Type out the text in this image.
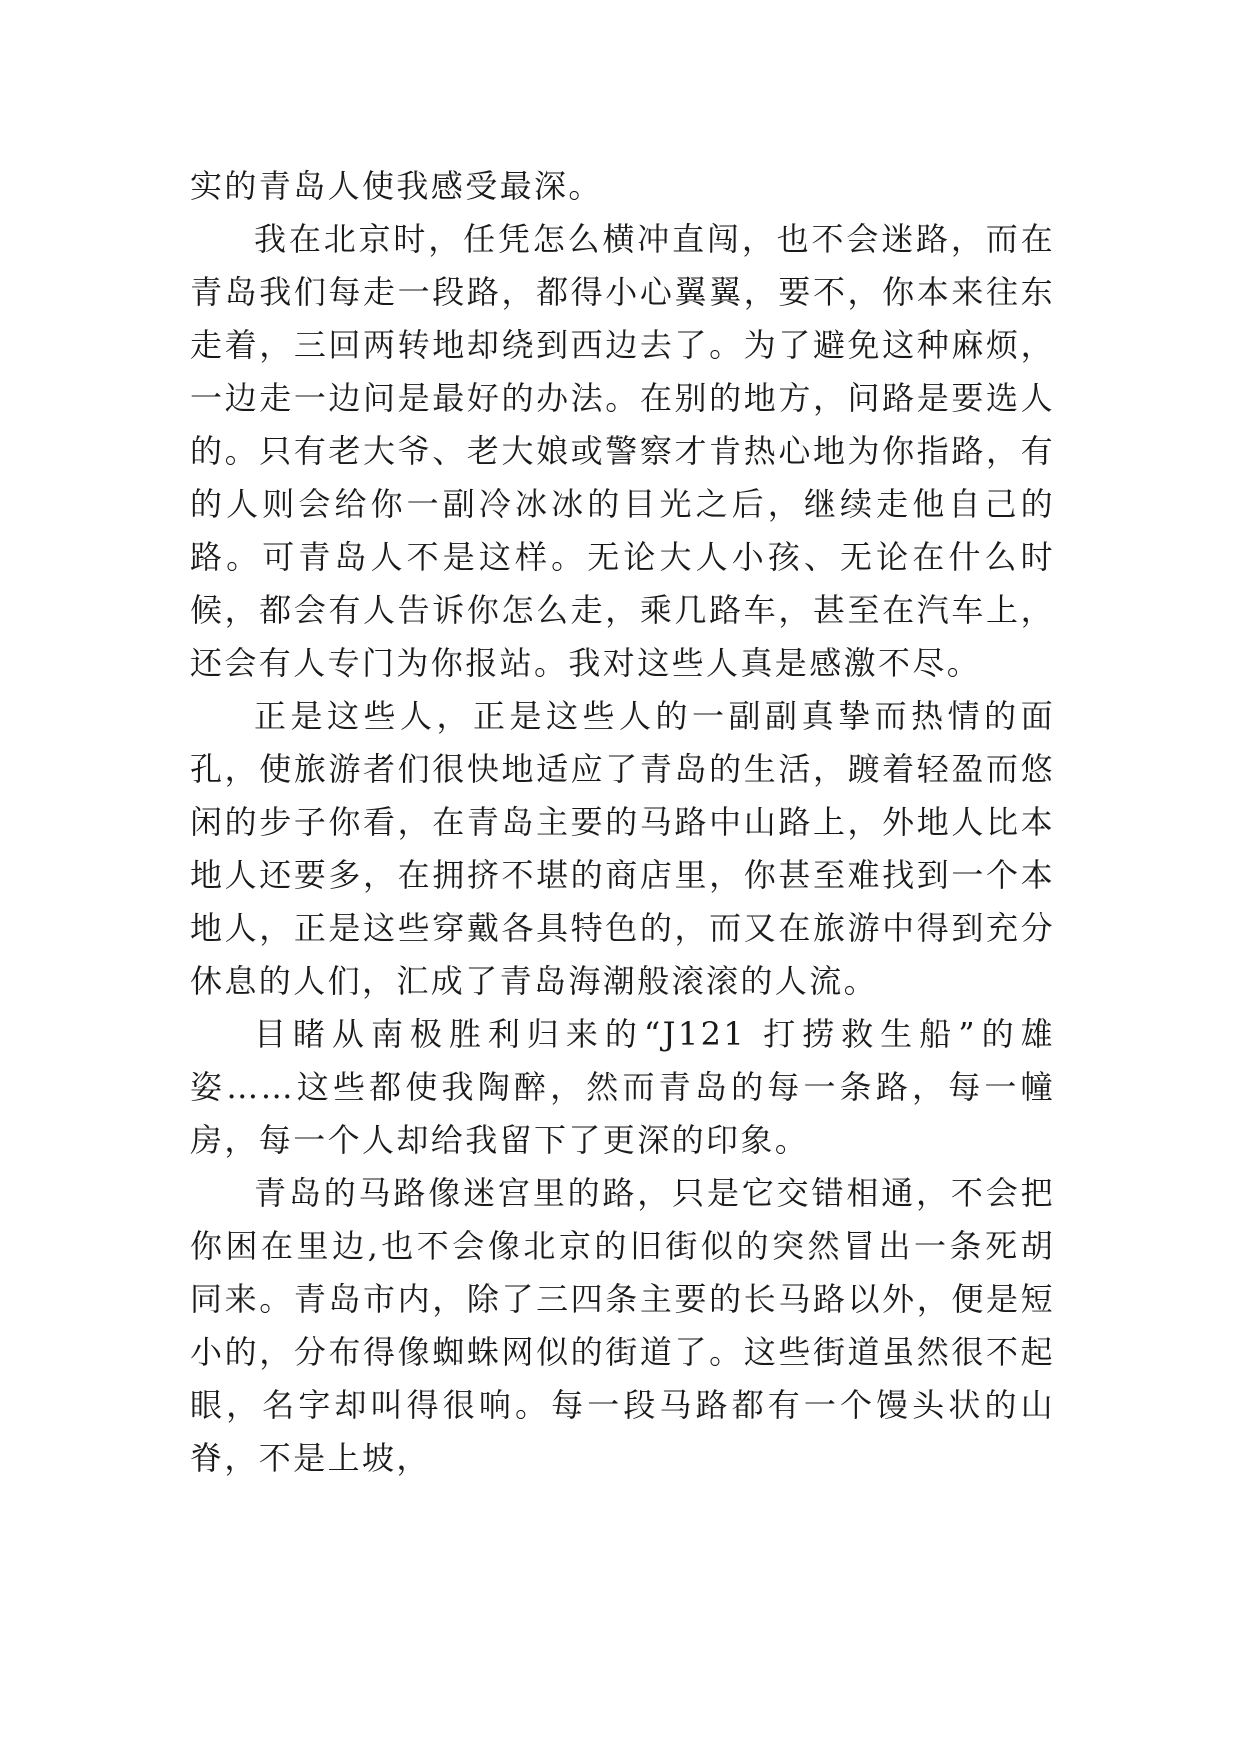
实的青岛人使我感受最深。

我在北京时，任凭怎么横冲直闯，也不会迷路，而在青岛我们每走一段路，都得小心翼翼，要不，你本来往东走着，三回两转地却绕到西边去了。为了避免这种麻烦，一边走一边问是最好的办法。在别的地方，问路是要选人的。只有老大爷、老大娘或警察才肯热心地为你指路，有的人则会给你一副冷冰冰的目光之后，继续走他自己的路。可青岛人不是这样。无论大人小孩、无论在什么时候，都会有人告诉你怎么走，乘几路车，甚至在汽车上，还会有人专门为你报站。我对这些人真是感激不尽。

正是这些人，正是这些人的一副副真挚而热情的面孔，使旅游者们很快地适应了青岛的生活，踱着轻盈而悠闲的步子你看，在青岛主要的马路中山路上，外地人比本地人还要多，在拥挤不堪的商店里，你甚至难找到一个本地人，正是这些穿戴各具特色的，而又在旅游中得到充分休息的人们，汇成了青岛海潮般滚滚的人流。

目睹从南极胜利归来的“J121 打捞救生船”的雄姿……这些都使我陶醉，然而青岛的每一条路，每一幢房，每一个人却给我留下了更深的印象。

青岛的马路像迷宫里的路，只是它交错相通，不会把你困在里边,也不会像北京的旧街似的突然冒出一条死胡同来。青岛市内，除了三四条主要的长马路以外，便是短小的，分布得像蜘蛛网似的街道了。这些街道虽然很不起眼，名字却叫得很响。每一段马路都有一个馒头状的山脊，不是上坡，
